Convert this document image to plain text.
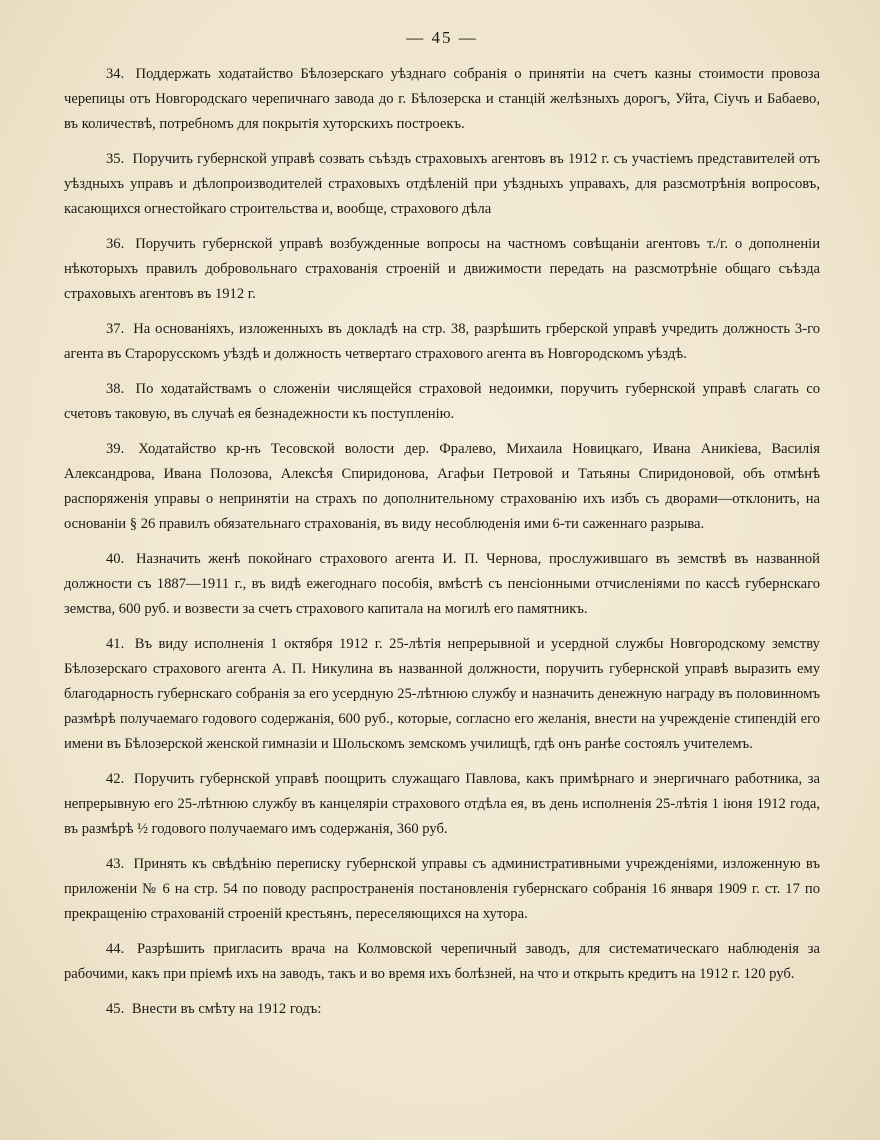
— 45 —

34. Поддержать ходатайство Бѣлозерскаго уѣзднаго собранія о принятіи на счетъ казны стоимости провоза черепицы отъ Новгородскаго черепичнаго завода до г. Бѣлозерска и станцій желѣзныхъ дорогъ, Уйта, Сіучъ и Бабаево, въ количествѣ, потребномъ для покрытія хуторскихъ построекъ.

35. Поручить губернской управѣ созвать съѣздъ страховыхъ агентовъ въ 1912 г. съ участіемъ представителей отъ уѣздныхъ управъ и дѣлопроизводителей страховыхъ отдѣленій при уѣздныхъ управахъ, для разсмотрѣнія вопросовъ, касающихся огнестойкаго строительства и, вообще, страхового дѣла

36. Поручить губернской управѣ возбужденные вопросы на частномъ совѣщаніи агентовъ т./г. о дополненіи нѣкоторыхъ правилъ добровольнаго страхованія строеній и движимости передать на разсмотрѣніе общаго съѣзда страховыхъ агентовъ въ 1912 г.

37. На основаніяхъ, изложенныхъ въ докладѣ на стр. 38, разрѣшить грберской управѣ учредить должность 3-го агента въ Старорусскомъ уѣздѣ и должность четвертаго страхового агента въ Новгородскомъ уѣздѣ.

38. По ходатайствамъ о сложеніи числящейся страховой недоимки, поручить губернской управѣ слагать со счетовъ таковую, въ случаѣ ея безнадежности къ поступленію.

39. Ходатайство кр-нъ Тесовской волости дер. Фралево, Михаила Новицкаго, Ивана Аникіева, Василія Александрова, Ивана Полозова, Алексѣя Спиридонова, Агафьи Петровой и Татьяны Спиридоновой, объ отмѣнѣ распоряженія управы о непринятіи на страхъ по дополнительному страхованію ихъ избъ съ дворами—отклонить, на основаніи § 26 правилъ обязательнаго страхованія, въ виду несоблюденія ими 6-ти саженнаго разрыва.

40. Назначить женѣ покойнаго страхового агента И. П. Чернова, прослужившаго въ земствѣ въ названной должности съ 1887—1911 г., въ видѣ ежегоднаго пособія, вмѣстѣ съ пенсіонными отчисленіями по кассѣ губернскаго земства, 600 руб. и возвести за счетъ страхового капитала на могилѣ его памятникъ.

41. Въ виду исполненія 1 октября 1912 г. 25-лѣтія непрерывной и усердной службы Новгородскому земству Бѣлозерскаго страхового агента А. П. Никулина въ названной должности, поручить губернской управѣ выразить ему благодарность губернскаго собранія за его усердную 25-лѣтнюю службу и назначить денежную награду въ половинномъ размѣрѣ получаемаго годового содержанія, 600 руб., которые, согласно его желанія, внести на учрежденіе стипендій его имени въ Бѣлозерской женской гимназіи и Шольскомъ земскомъ училищѣ, гдѣ онъ ранѣе состоялъ учителемъ.

42. Поручить губернской управѣ поощрить служащаго Павлова, какъ примѣрнаго и энергичнаго работника, за непрерывную его 25-лѣтнюю службу въ канцеляріи страхового отдѣла ея, въ день исполненія 25-лѣтія 1 іюня 1912 года, въ размѣрѣ ½ годового получаемаго имъ содержанія, 360 руб.

43. Принять къ свѣдѣнію переписку губернской управы съ административными учрежденіями, изложенную въ приложеніи № 6 на стр. 54 по поводу распространенія постановленія губернскаго собранія 16 января 1909 г. ст. 17 по прекращенію страхованій строеній крестьянъ, переселяющихся на хутора.

44. Разрѣшить пригласить врача на Колмовской черепичный заводъ, для систематическаго наблюденія за рабочими, какъ при пріемѣ ихъ на заводъ, такъ и во время ихъ болѣзней, на что и открыть кредитъ на 1912 г. 120 руб.

45. Внести въ смѣту на 1912 годъ:
